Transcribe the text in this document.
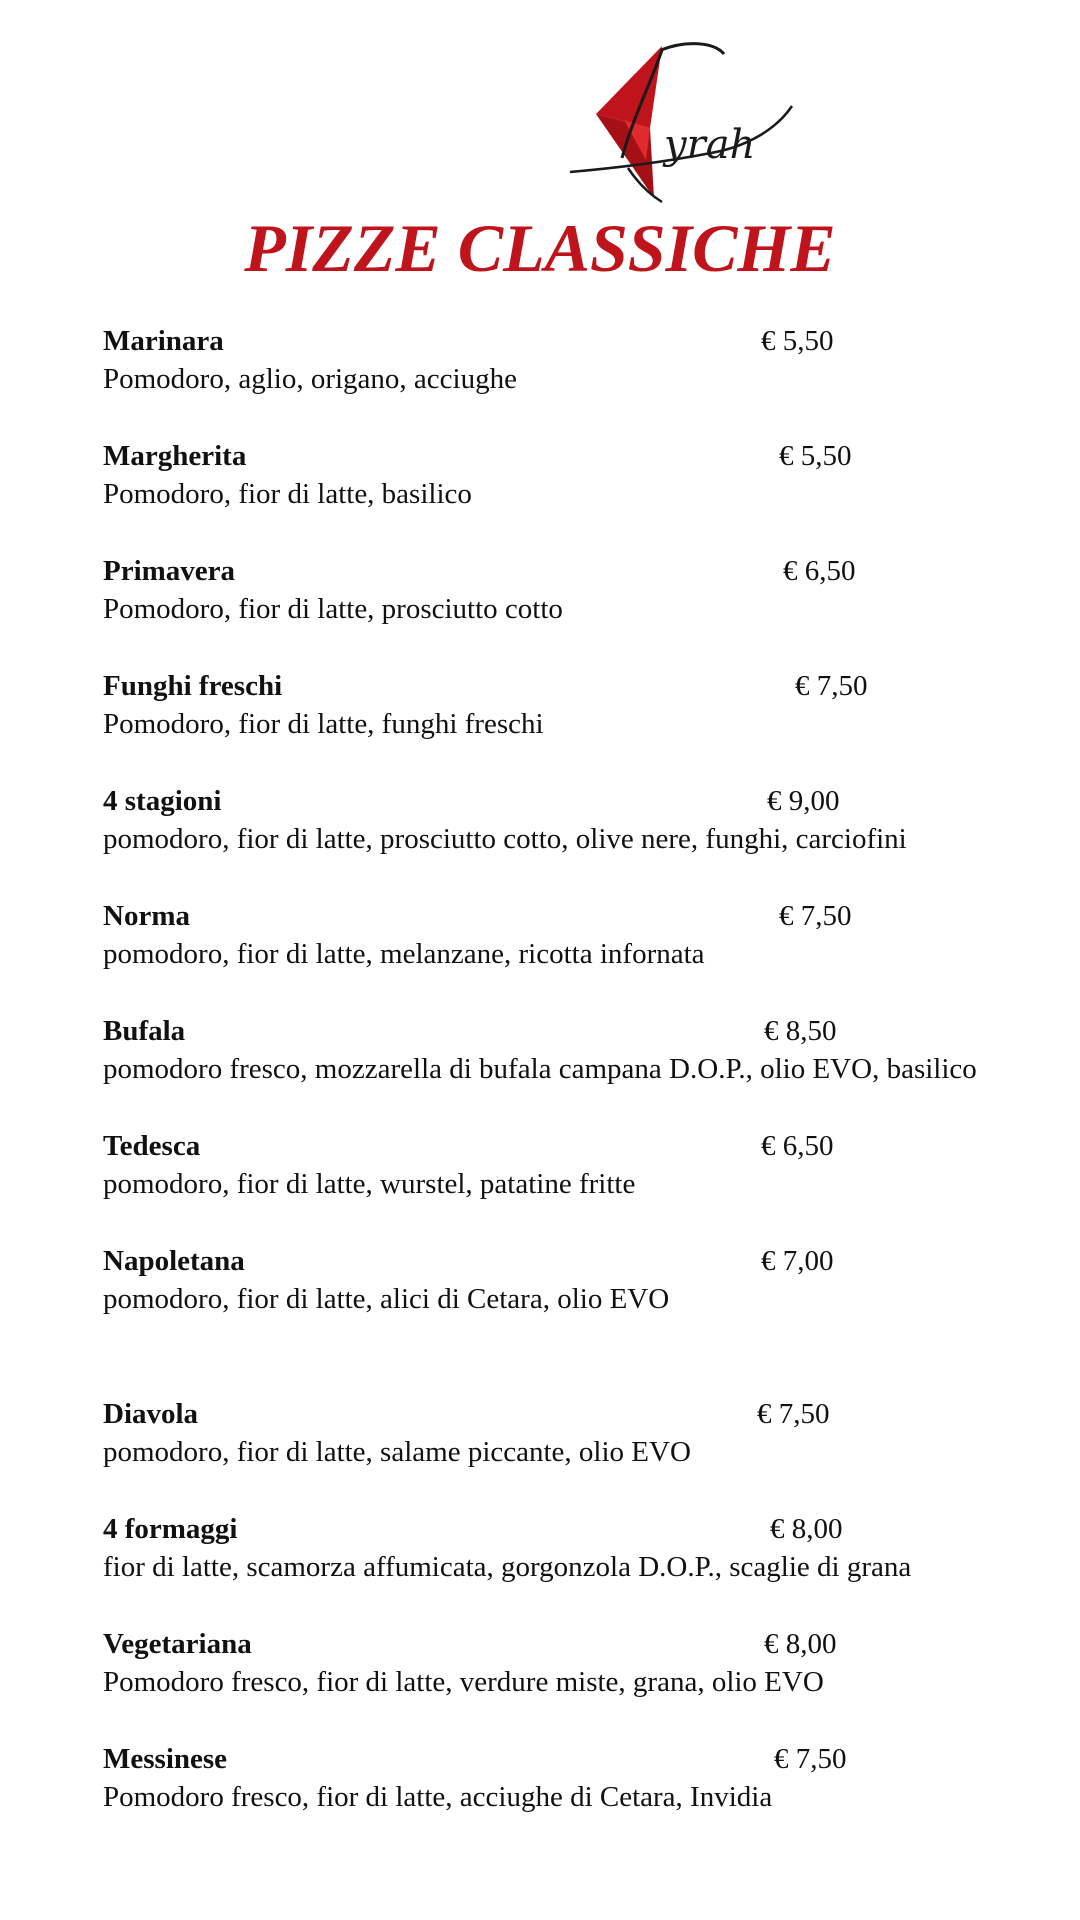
yrah
PIZZE CLASSICHE
Marinara	€ 5,50
Pomodoro, aglio, origano, acciughe
Margherita	€ 5,50
Pomodoro, fior di latte, basilico
Primavera	€ 6,50
Pomodoro, fior di latte, prosciutto cotto
Funghi freschi	€ 7,50
Pomodoro, fior di latte, funghi freschi
4 stagioni	€ 9,00
pomodoro, fior di latte, prosciutto cotto, olive nere, funghi, carciofini
Norma	€ 7,50
pomodoro, fior di latte, melanzane, ricotta infornata
Bufala	€ 8,50
pomodoro fresco, mozzarella di bufala campana D.O.P., olio EVO, basilico
Tedesca	€ 6,50
pomodoro, fior di latte, wurstel, patatine fritte
Napoletana	€ 7,00
pomodoro, fior di latte, alici di Cetara, olio EVO
Diavola	€ 7,50
pomodoro, fior di latte, salame piccante, olio EVO
4 formaggi	€ 8,00
fior di latte, scamorza affumicata, gorgonzola D.O.P., scaglie di grana
Vegetariana	€ 8,00
Pomodoro fresco, fior di latte, verdure miste, grana, olio EVO
Messinese	€ 7,50
Pomodoro fresco, fior di latte, acciughe di Cetara, Invidia
